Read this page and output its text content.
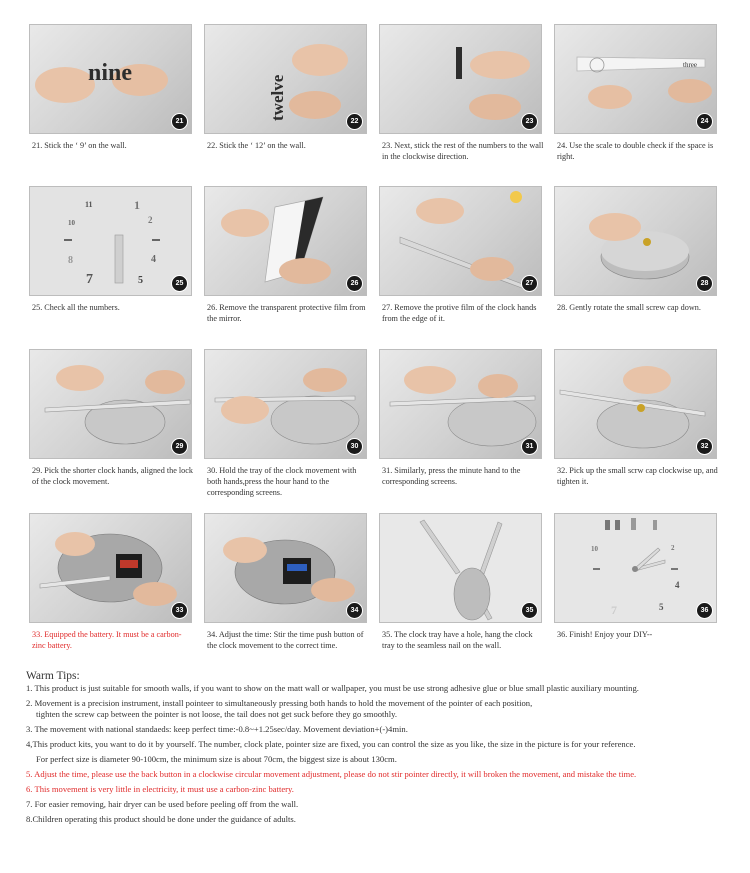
nine
21
21. Stick the ‘ 9’ on the wall.
twelve
22
22. Stick the ‘ 12’ on the wall.
23
23. Next, stick the rest of the numbers to the wall in the clockwise direction.
three
24
24. Use the scale to double check if the space is right.
11	1
10	2
8	4
7	5	25
25. Check all the numbers.
26
26. Remove the transparent protective film from the mirror.
27
27. Remove the protive film of the clock hands from the edge of it.
28
28. Gently rotate the small screw cap down.
29
29. Pick the shorter clock hands, aligned the lock of the clock movement.
30
30. Hold the tray of the clock movement with both hands,press the hour hand to the corresponding screens.
31
31. Similarly, press the minute hand to the corresponding screens.
32
32. Pick up the small scrw cap clockwise up, and tighten it.
33
33. Equipped the battery. It must be a carbon-zinc battery.
34
34. Adjust the time: Stir the time push button of the clock movement to the correct time.
35
35. The clock tray have a hole, hang the clock tray to the seamless nail on the wall.
10	2
4
7	5	36
36. Finish! Enjoy your DIY--
Warm Tips:
1. This product is just suitable for smooth walls, if you want to show on the matt wall or wallpaper, you must be use strong adhesive glue or blue small plastic auxiliary mounting.
2. Movement is a precision instrument, install pointeer to simultaneously pressing both hands to hold the movement of the pointer of each position,
tighten the screw cap between the pointer is not loose, the tail does not get suck before they go smoothly.
3. The movement with national standaeds: keep perfect time:-0.8~+1.25sec/day. Movement deviation+(-)4min.
4,This product kits, you want to do it by yourself. The number, clock plate, pointer size are fixed, you can control the size as you like, the size in the picture is for your reference.
For perfect size is diameter 90-100cm, the minimum size is about 70cm, the biggest size is about 130cm.
5. Adjust the time, please use the back button in a clockwise circular movement adjustment, please do not stir pointer directly, it will broken the movement, and mistake the time.
6. This movement is very little in electricity, it must use a carbon-zinc battery.
7. For easier removing, hair dryer can be used before peeling off from the wall.
8.Children operating this product should be done under the guidance of adults.
